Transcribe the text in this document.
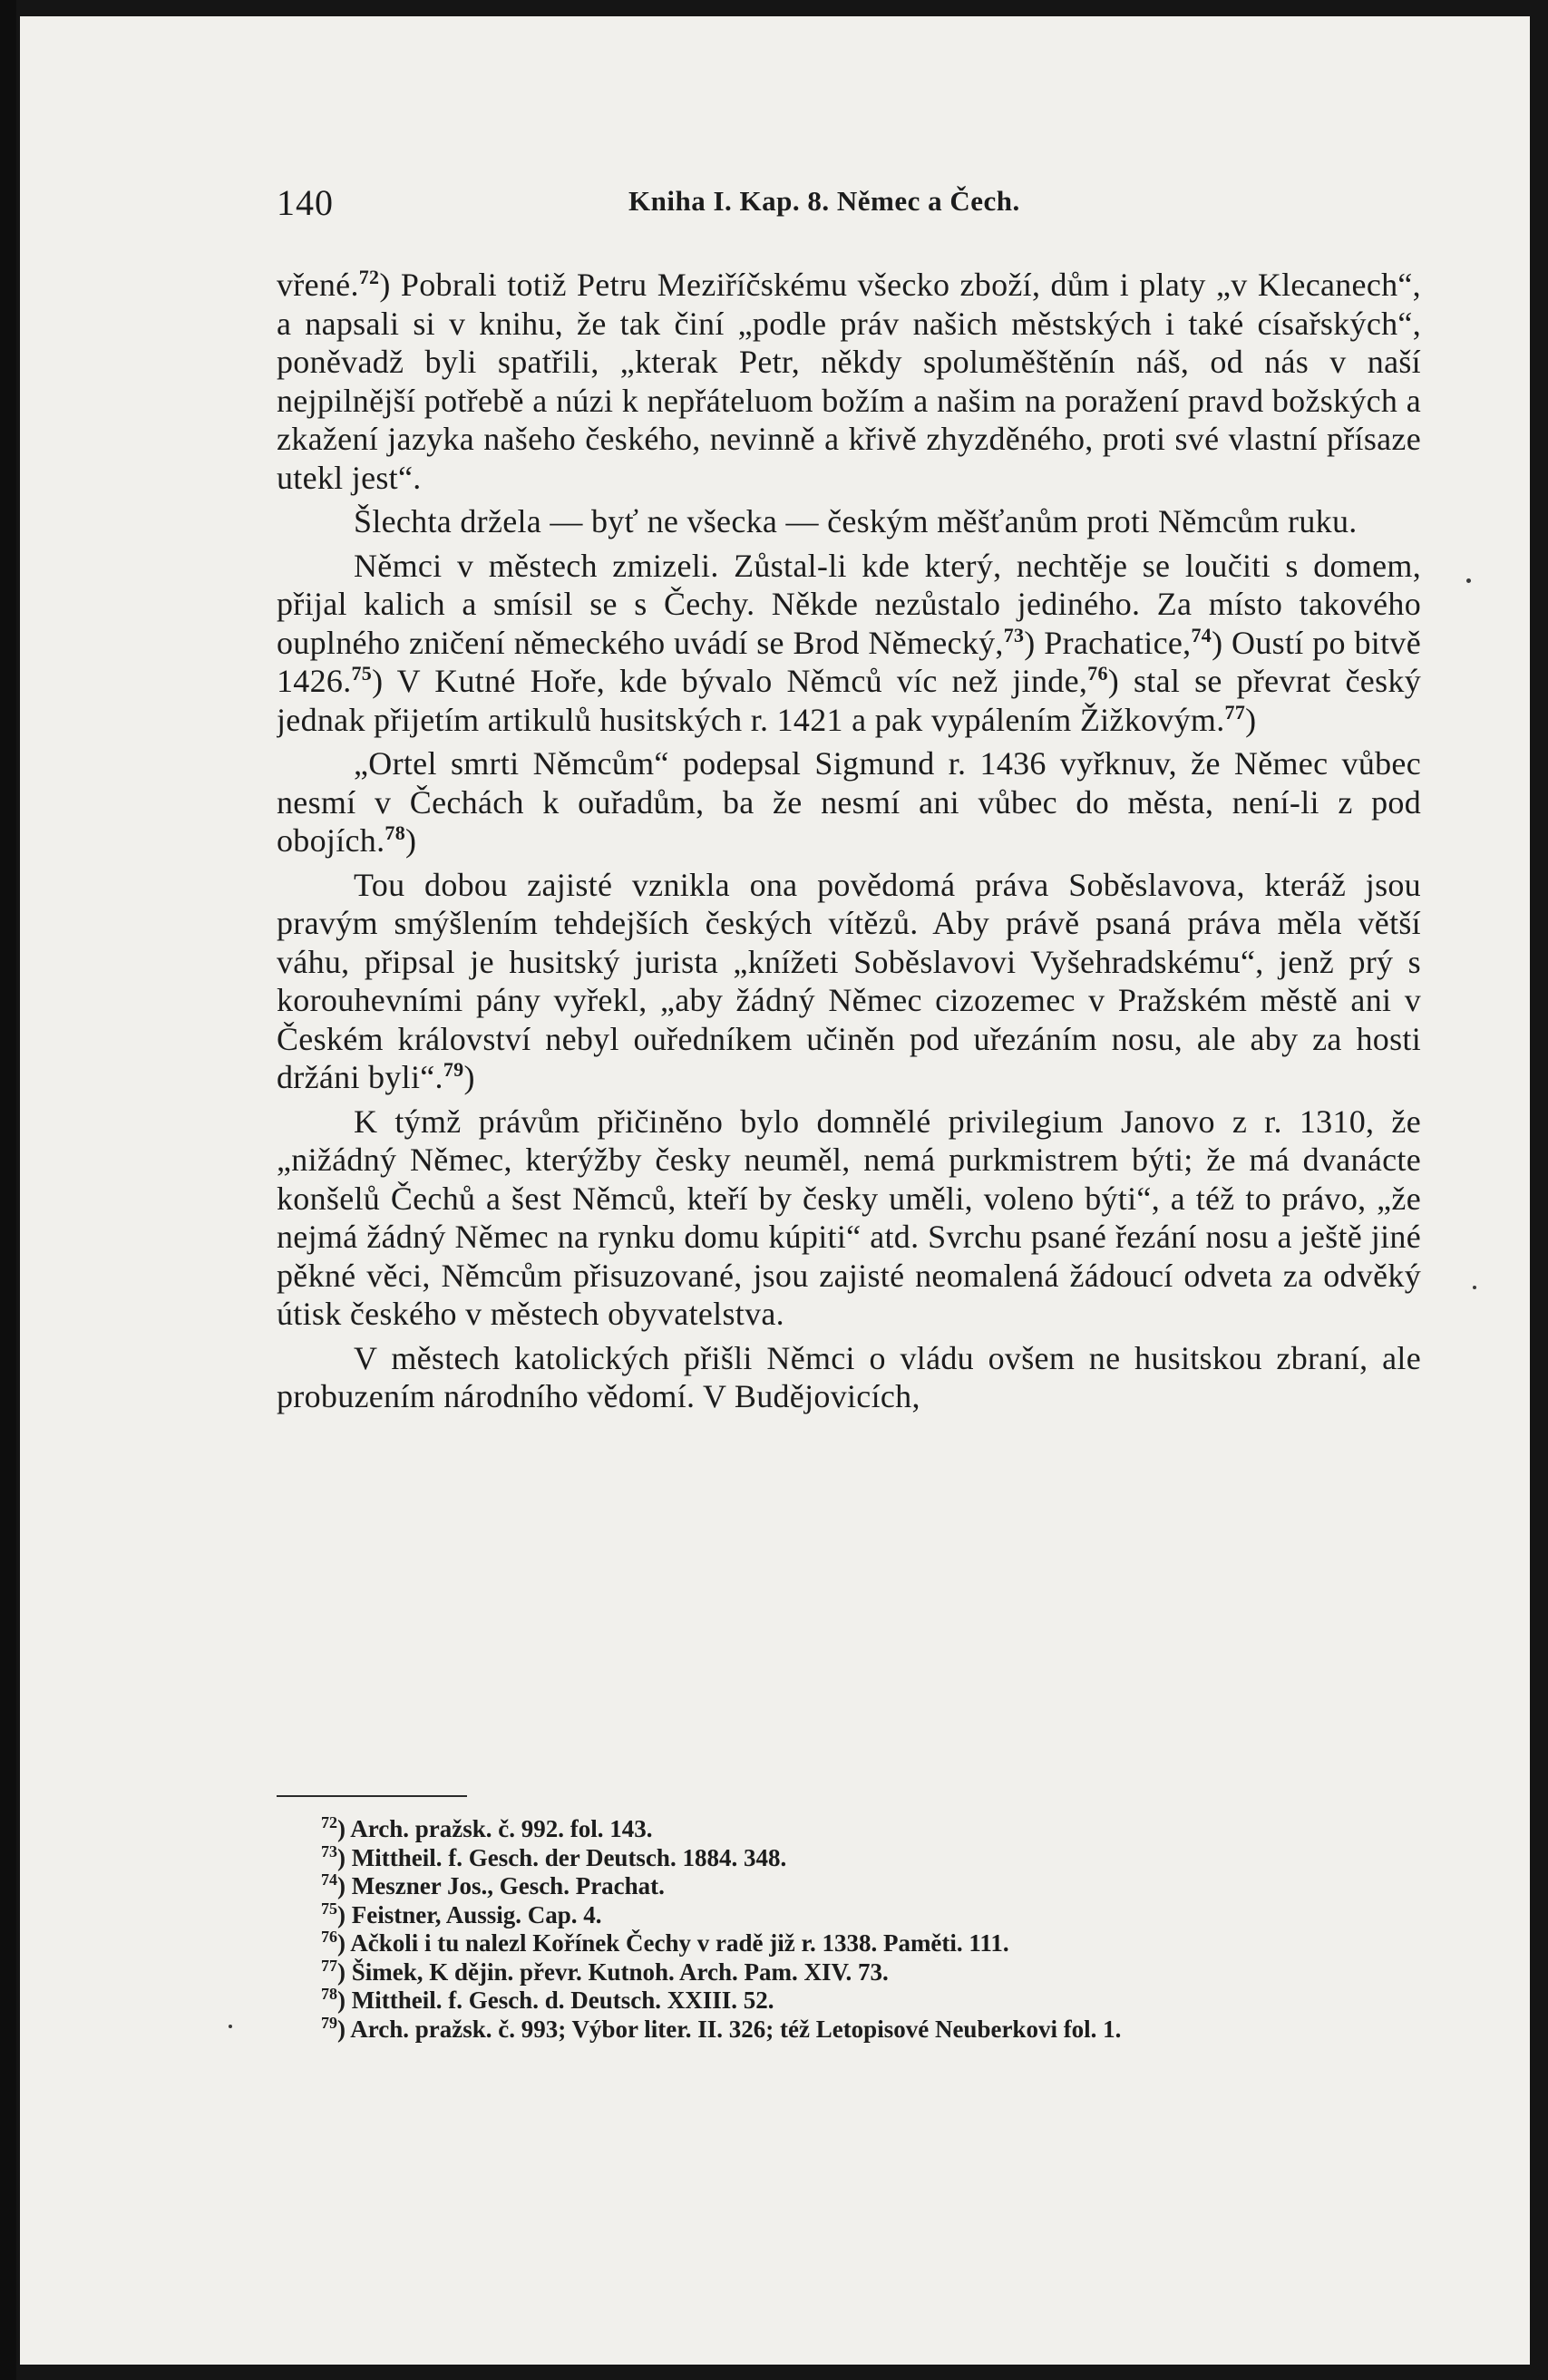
140	Kniha I. Kap. 8. Němec a Čech.

vřené.$^{72}$) Pobrali totiž Petru Meziříčskému všecko zboží, dům i platy „v Klecanech“, a napsali si v knihu, že tak činí „podle práv našich městských i také císařských“, poněvadž byli spatřili, „kterak Petr, někdy spoluměštěnín náš, od nás v naší nejpilnější potřebě a núzi k nepřáteluom božím a našim na poražení pravd božských a zkažení jazyka našeho českého, nevinně a křivě zhyzděného, proti své vlastní přísaze utekl jest“.

Šlechta držela — byť ne všecka — českým měšťanům proti Němcům ruku.

Němci v městech zmizeli. Zůstal-li kde který, nechtěje se loučiti s domem, přijal kalich a smísil se s Čechy. Někde nezůstalo jediného. Za místo takového ouplného zničení německého uvádí se Brod Německý,$^{73}$) Prachatice,$^{74}$) Oustí po bitvě 1426.75) V Kutné Hoře, kde bývalo Němců víc než jinde,$^{76}$) stal se převrat český jednak přijetím artikulů husitských r. 1421 a pak vypálením Žižkovým.$^{77}$)

„Ortel smrti Němcům“ podepsal Sigmund r. 1436 vyřknuv, že Němec vůbec nesmí v Čechách k ouřadům, ba že nesmí ani vůbec do města, není-li z pod obojích.$^{78}$)

Tou dobou zajisté vznikla ona povědomá práva Soběslavova, kteráž jsou pravým smýšlením tehdejších českých vítězů. Aby právě psaná práva měla větší váhu, připsal je husitský jurista „knížeti Soběslavovi Vyšehradskému“, jenž prý s korouhevními pány vyřekl, „aby žádný Němec cizozemec v Pražském městě ani v Českém království nebyl ouředníkem učiněn pod uřezáním nosu, ale aby za hosti držáni byli“.$^{79}$)

K týmž právům přičiněno bylo domnělé privilegium Janovo z r. 1310, že „nižádný Němec, kterýžby česky neuměl, nemá purkmistrem býti; že má dvanácte konšelů Čechů a šest Němců, kteří by česky uměli, voleno býti“, a též to právo, „že nejmá žádný Němec na rynku domu kúpiti“ atd. Svrchu psané řezání nosu a ještě jiné pěkné věci, Němcům přisuzované, jsou zajisté neomalená žádoucí odveta za odvěký útisk českého v městech obyvatelstva.

V městech katolických přišli Němci o vládu ovšem ne husitskou zbraní, ale probuzením národního vědomí. V Budějovicích,

$^{72}$) Arch. pražsk. č. 992. fol. 143.
$^{73}$) Mittheil. f. Gesch. der Deutsch. 1884. 348.
$^{74}$) Meszner Jos., Gesch. Prachat.
$^{75}$) Feistner, Aussig. Cap. 4.
$^{76}$) Ačkoli i tu nalezl Kořínek Čechy v radě již r. 1338. Paměti. 111.
$^{77}$) Šimek, K dějin. převr. Kutnoh. Arch. Pam. XIV. 73.
$^{78}$) Mittheil. f. Gesch. d. Deutsch. XXIII. 52.
$^{79}$) Arch. pražsk. č. 993; Výbor liter. II. 326; též Letopisové Neuberkovi fol. 1.
